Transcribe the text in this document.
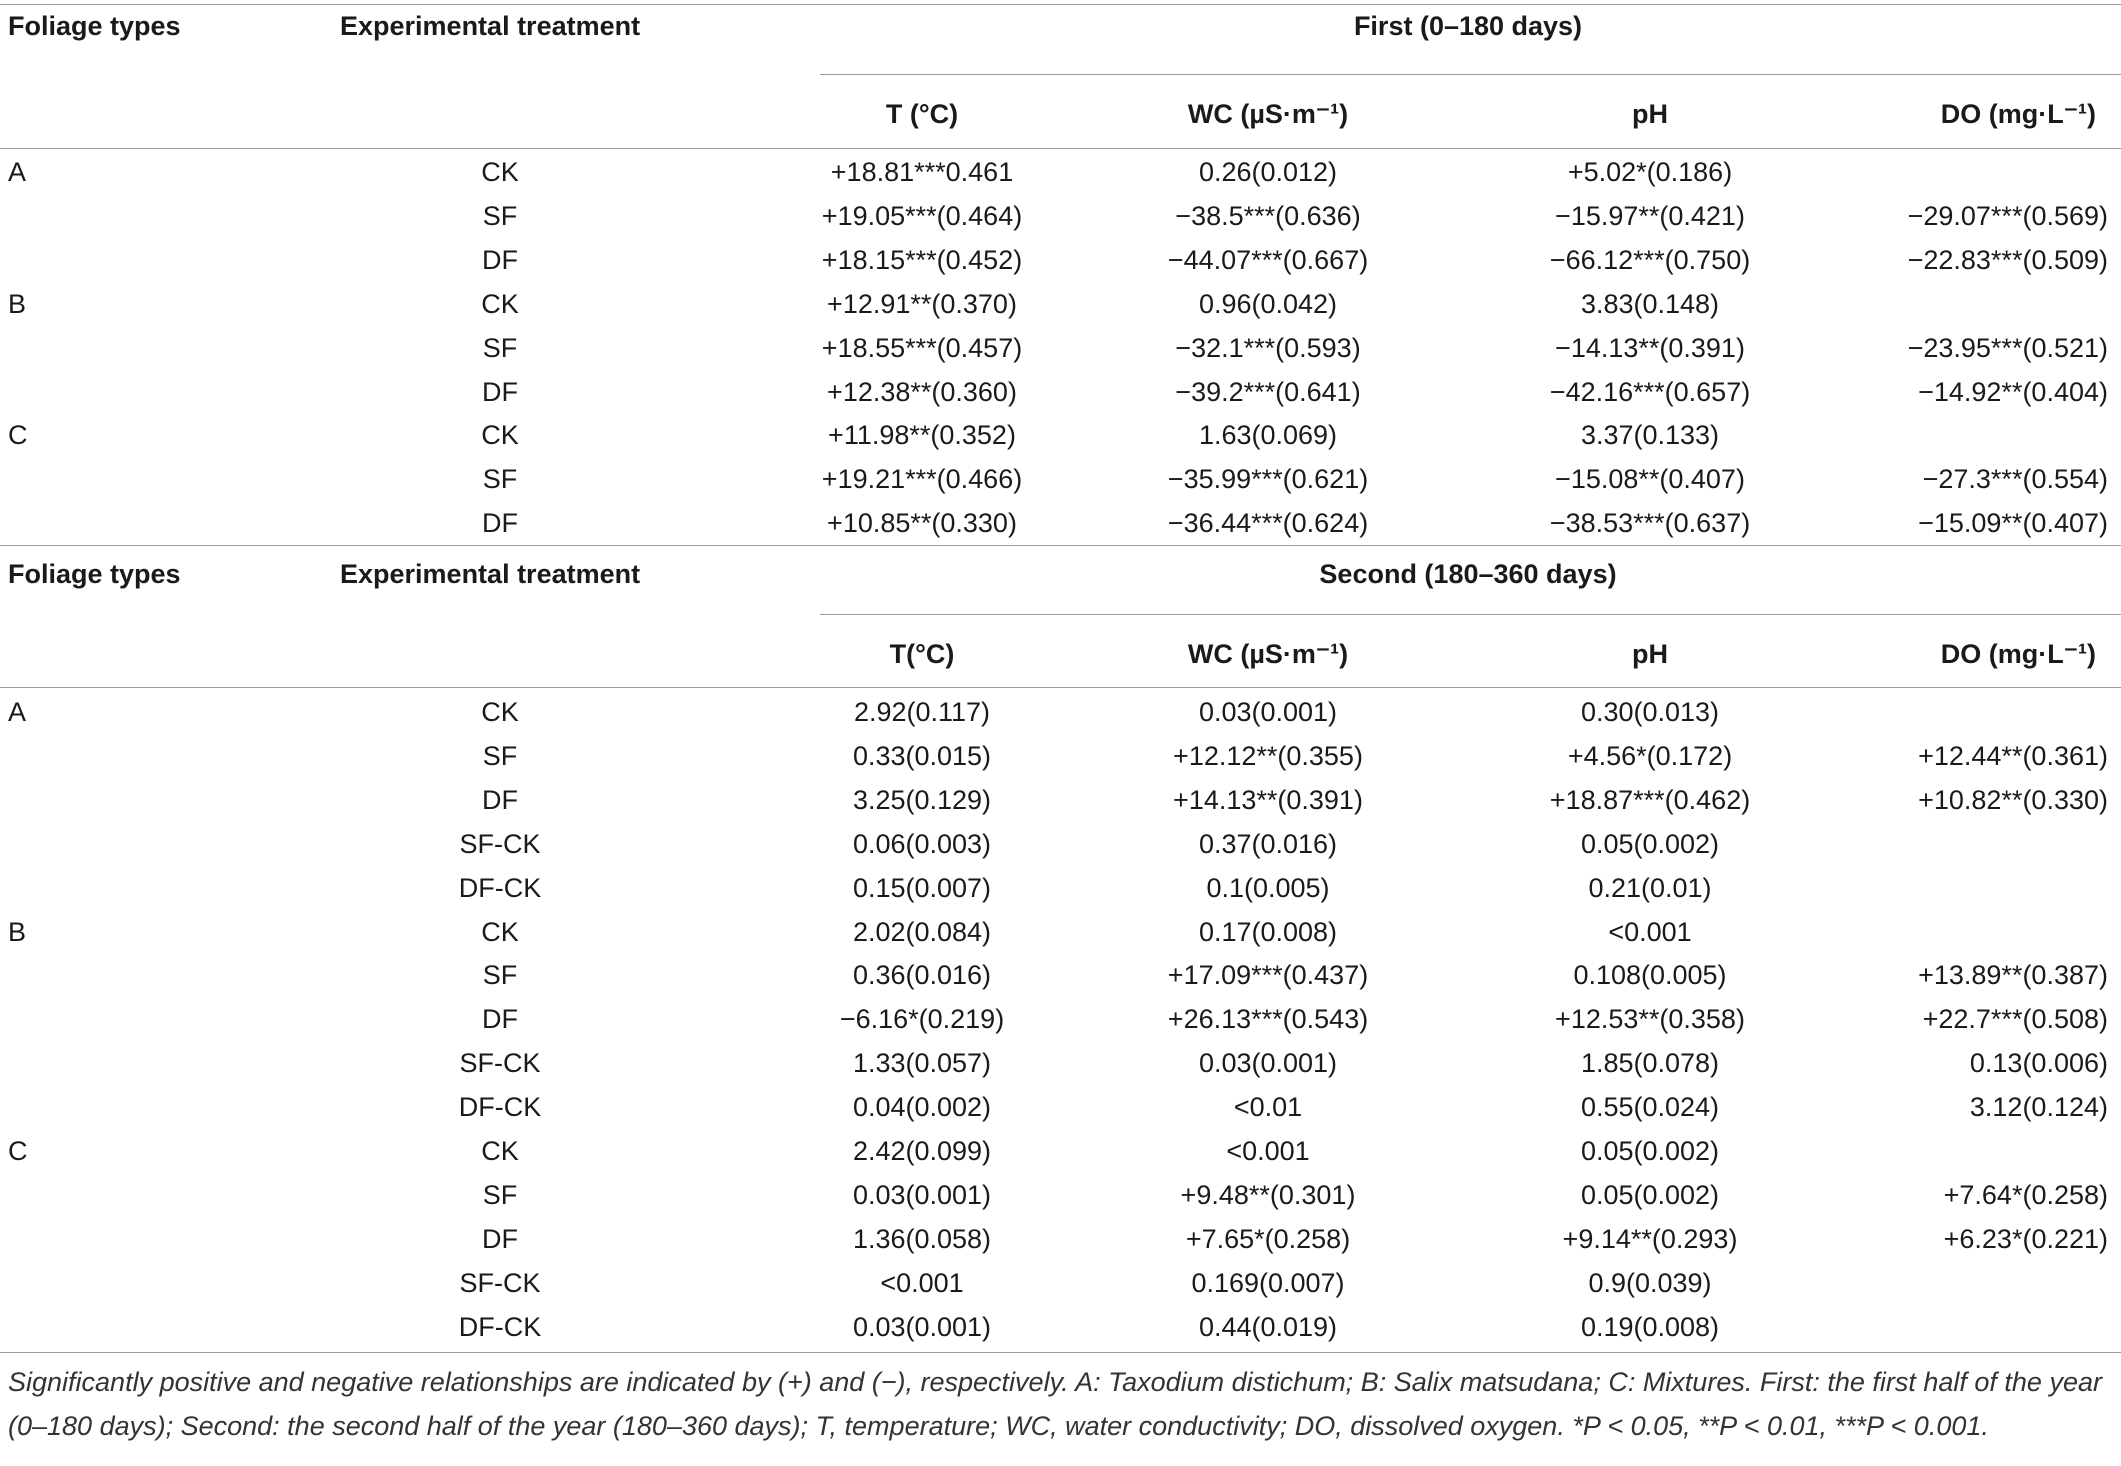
Foliage types	Experimental treatment	First (0–180 days)
T (°C)	WC (µS·m⁻¹)	pH	DO (mg·L⁻¹)
A	CK	+18.81***0.461	0.26(0.012)	+5.02*(0.186)
SF	+19.05***(0.464)	−38.5***(0.636)	−15.97**(0.421)	−29.07***(0.569)
DF	+18.15***(0.452)	−44.07***(0.667)	−66.12***(0.750)	−22.83***(0.509)
B	CK	+12.91**(0.370)	0.96(0.042)	3.83(0.148)
SF	+18.55***(0.457)	−32.1***(0.593)	−14.13**(0.391)	−23.95***(0.521)
DF	+12.38**(0.360)	−39.2***(0.641)	−42.16***(0.657)	−14.92**(0.404)
C	CK	+11.98**(0.352)	1.63(0.069)	3.37(0.133)
SF	+19.21***(0.466)	−35.99***(0.621)	−15.08**(0.407)	−27.3***(0.554)
DF	+10.85**(0.330)	−36.44***(0.624)	−38.53***(0.637)	−15.09**(0.407)
Foliage types	Experimental treatment	Second (180–360 days)
T(°C)	WC (µS·m⁻¹)	pH	DO (mg·L⁻¹)
A	CK	2.92(0.117)	0.03(0.001)	0.30(0.013)
SF	0.33(0.015)	+12.12**(0.355)	+4.56*(0.172)	+12.44**(0.361)
DF	3.25(0.129)	+14.13**(0.391)	+18.87***(0.462)	+10.82**(0.330)
SF-CK	0.06(0.003)	0.37(0.016)	0.05(0.002)
DF-CK	0.15(0.007)	0.1(0.005)	0.21(0.01)
B	CK	2.02(0.084)	0.17(0.008)	<0.001
SF	0.36(0.016)	+17.09***(0.437)	0.108(0.005)	+13.89**(0.387)
DF	−6.16*(0.219)	+26.13***(0.543)	+12.53**(0.358)	+22.7***(0.508)
SF-CK	1.33(0.057)	0.03(0.001)	1.85(0.078)	0.13(0.006)
DF-CK	0.04(0.002)	<0.01	0.55(0.024)	3.12(0.124)
C	CK	2.42(0.099)	<0.001	0.05(0.002)
SF	0.03(0.001)	+9.48**(0.301)	0.05(0.002)	+7.64*(0.258)
DF	1.36(0.058)	+7.65*(0.258)	+9.14**(0.293)	+6.23*(0.221)
SF-CK	<0.001	0.169(0.007)	0.9(0.039)
DF-CK	0.03(0.001)	0.44(0.019)	0.19(0.008)
Significantly positive and negative relationships are indicated by (+) and (−), respectively. A: Taxodium distichum; B: Salix matsudana; C: Mixtures. First: the first half of the year (0–180 days); Second: the second half of the year (180–360 days); T, temperature; WC, water conductivity; DO, dissolved oxygen. *P < 0.05, **P < 0.01, ***P < 0.001.
